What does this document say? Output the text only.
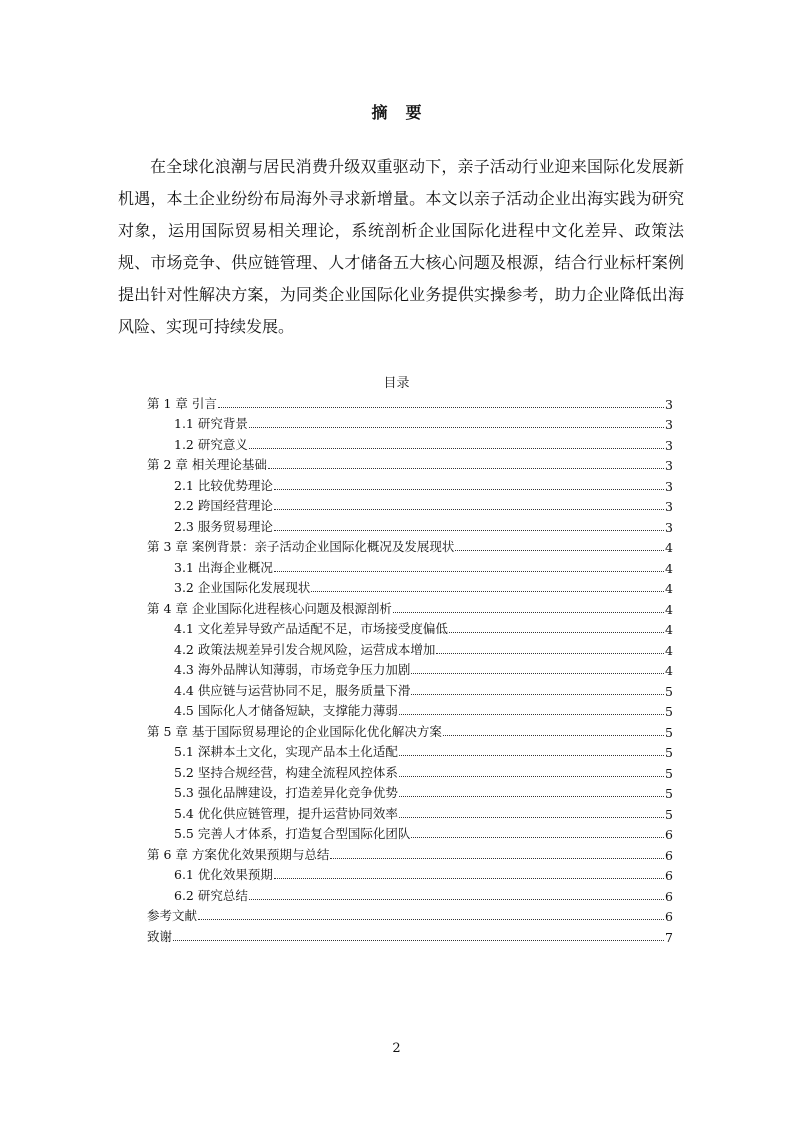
摘 要

在全球化浪潮与居民消费升级双重驱动下，亲子活动行业迎来国际化发展新机遇，本土企业纷纷布局海外寻求新增量。本文以亲子活动企业出海实践为研究对象，运用国际贸易相关理论，系统剖析企业国际化进程中文化差异、政策法规、市场竞争、供应链管理、人才储备五大核心问题及根源，结合行业标杆案例提出针对性解决方案，为同类企业国际化业务提供实操参考，助力企业降低出海风险、实现可持续发展。

目录
第 1 章 引言	3
1.1 研究背景	3
1.2 研究意义	3
第 2 章 相关理论基础	3
2.1 比较优势理论	3
2.2 跨国经营理论	3
2.3 服务贸易理论	3
第 3 章 案例背景：亲子活动企业国际化概况及发展现状	4
3.1 出海企业概况	4
3.2 企业国际化发展现状	4
第 4 章 企业国际化进程核心问题及根源剖析	4
4.1 文化差异导致产品适配不足，市场接受度偏低	4
4.2 政策法规差异引发合规风险，运营成本增加	4
4.3 海外品牌认知薄弱，市场竞争压力加剧	4
4.4 供应链与运营协同不足，服务质量下滑	5
4.5 国际化人才储备短缺，支撑能力薄弱	5
第 5 章 基于国际贸易理论的企业国际化优化解决方案	5
5.1 深耕本土文化，实现产品本土化适配	5
5.2 坚持合规经营，构建全流程风控体系	5
5.3 强化品牌建设，打造差异化竞争优势	5
5.4 优化供应链管理，提升运营协同效率	5
5.5 完善人才体系，打造复合型国际化团队	6
第 6 章 方案优化效果预期与总结	6
6.1 优化效果预期	6
6.2 研究总结	6
参考文献	6
致谢	7
2
